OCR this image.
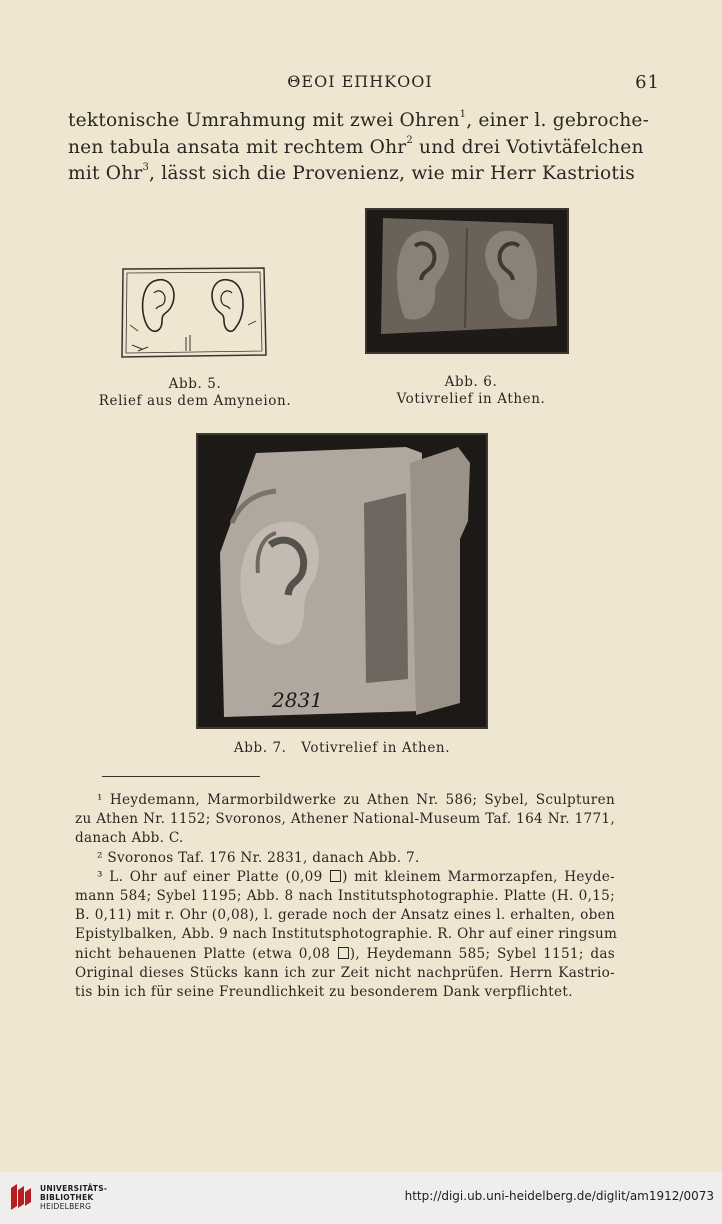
ΘΕΟΙ ΕΠΗΚΟΟΙ	61
tektonische Umrahmung mit zwei Ohren$^1$, einer l. gebroche-
nen tabula ansata mit rechtem Ohr$^2$ und drei Votivtäfelchen
mit Ohr$^3$, lässt sich die Provenienz, wie mir Herr Kastriotis
2831
Abb. 5.
Relief aus dem Amyneion.
Abb. 6.
Votivrelief in Athen.
Abb. 7.   Votivrelief in Athen.
¹ Heydemann, Marmorbildwerke zu Athen Nr. 586; Sybel, Sculpturen
zu Athen Nr. 1152; Svoronos, Athener National-Museum Taf. 164 Nr. 1771,
danach Abb. C.
² Svoronos Taf. 176 Nr. 2831, danach Abb. 7.
³ L. Ohr auf einer Platte (0,09 ) mit kleinem Marmorzapfen, Heyde-
mann 584; Sybel 1195; Abb. 8 nach Institutsphotographie. Platte (H. 0,15;
B. 0,11) mit r. Ohr (0,08), l. gerade noch der Ansatz eines l. erhalten, oben
Epistylbalken, Abb. 9 nach Institutsphotographie. R. Ohr auf einer ringsum
nicht behauenen Platte (etwa 0,08 ), Heydemann 585; Sybel 1151; das
Original dieses Stücks kann ich zur Zeit nicht nachprüfen. Herrn Kastrio-
tis bin ich für seine Freundlichkeit zu besonderem Dank verpflichtet.
UNIVERSITÄTS-
BIBLIOTHEK
HEIDELBERG
http://digi.ub.uni-heidelberg.de/diglit/am1912/0073
